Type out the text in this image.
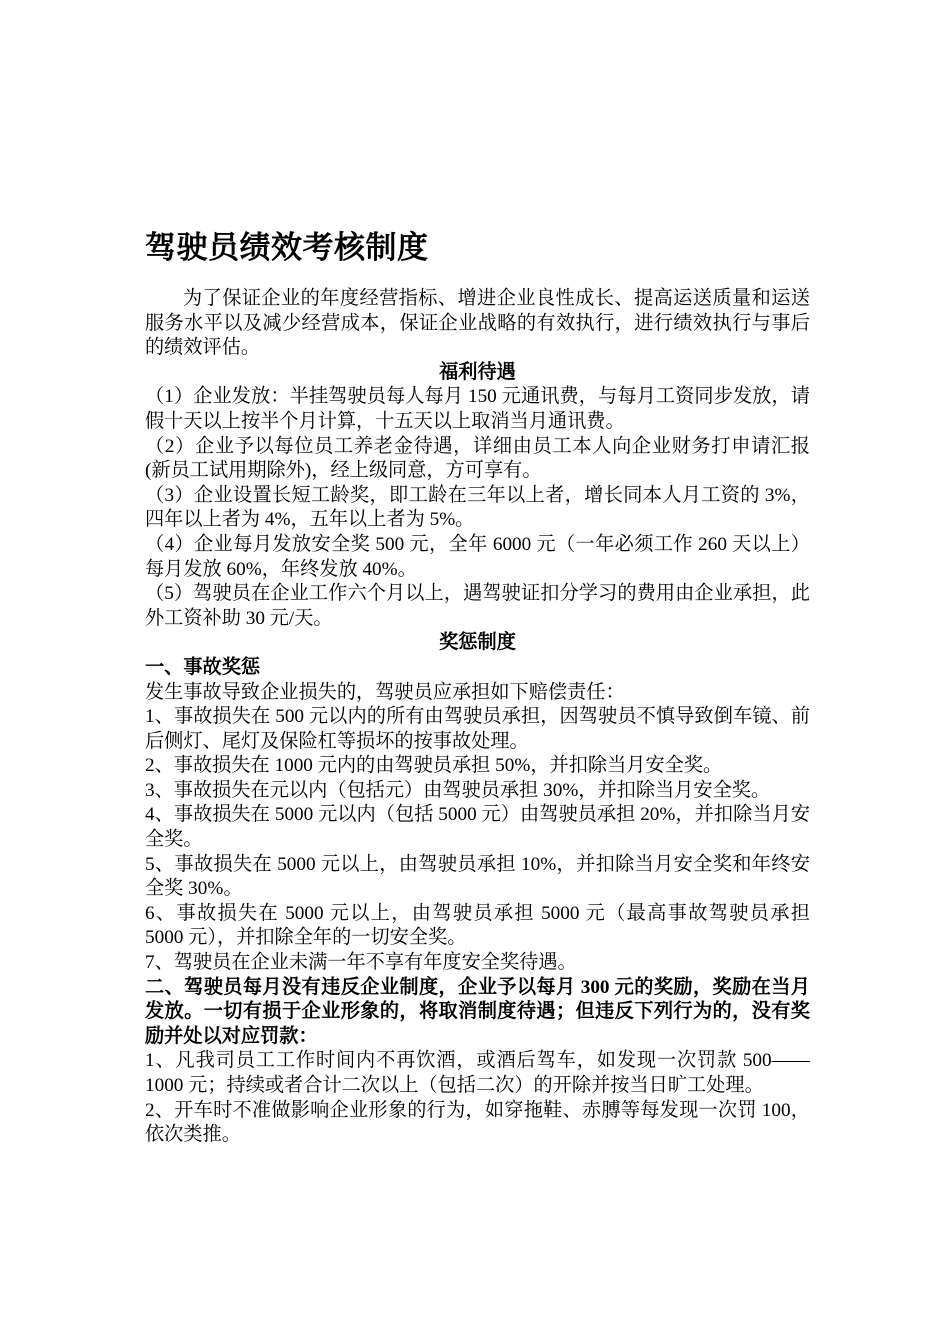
驾驶员绩效考核制度

为了保证企业的年度经营指标、增进企业良性成长、提高运送质量和运送服务水平以及减少经营成本，保证企业战略的有效执行，进行绩效执行与事后的绩效评估。

福利待遇

（1）企业发放：半挂驾驶员每人每月 150 元通讯费，与每月工资同步发放，请假十天以上按半个月计算，十五天以上取消当月通讯费。

（2）企业予以每位员工养老金待遇，详细由员工本人向企业财务打申请汇报(新员工试用期除外)，经上级同意，方可享有。

（3）企业设置长短工龄奖，即工龄在三年以上者，增长同本人月工资的 3%，四年以上者为 4%，五年以上者为 5%。

（4）企业每月发放安全奖 500 元，全年 6000 元（一年必须工作 260 天以上）每月发放 60%，年终发放 40%。

（5）驾驶员在企业工作六个月以上，遇驾驶证扣分学习的费用由企业承担，此外工资补助 30 元/天。

奖惩制度

一、事故奖惩

发生事故导致企业损失的，驾驶员应承担如下赔偿责任：

1、事故损失在 500 元以内的所有由驾驶员承担，因驾驶员不慎导致倒车镜、前后侧灯、尾灯及保险杠等损坏的按事故处理。

2、事故损失在 1000 元内的由驾驶员承担 50%，并扣除当月安全奖。

3、事故损失在元以内（包括元）由驾驶员承担 30%，并扣除当月安全奖。

4、事故损失在 5000 元以内（包括 5000 元）由驾驶员承担 20%，并扣除当月安全奖。

5、事故损失在 5000 元以上，由驾驶员承担 10%，并扣除当月安全奖和年终安全奖 30%。

6、事故损失在 5000 元以上，由驾驶员承担 5000 元（最高事故驾驶员承担 5000 元），并扣除全年的一切安全奖。

7、驾驶员在企业未满一年不享有年度安全奖待遇。

二、驾驶员每月没有违反企业制度，企业予以每月 300 元的奖励，奖励在当月发放。一切有损于企业形象的，将取消制度待遇；但违反下列行为的，没有奖励并处以对应罚款：

1、凡我司员工工作时间内不再饮酒，或酒后驾车，如发现一次罚款 500——1000 元；持续或者合计二次以上（包括二次）的开除并按当日旷工处理。

2、开车时不准做影响企业形象的行为，如穿拖鞋、赤膊等每发现一次罚 100，依次类推。
